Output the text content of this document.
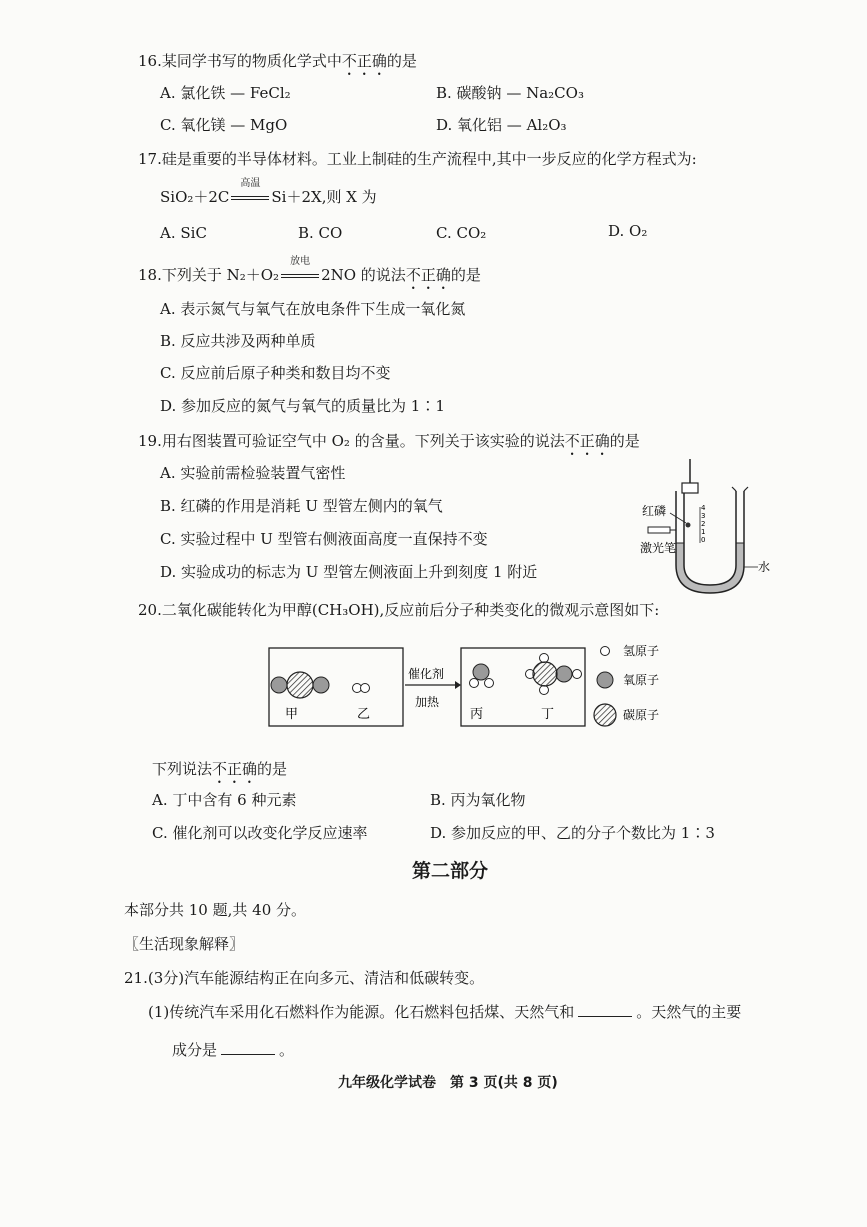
16.某同学书写的物质化学式中不正确的是
A. 氯化铁 — FeCl₂	B. 碳酸钠 — Na₂CO₃
C. 氧化镁 — MgO	D. 氧化铝 — Al₂O₃
17.硅是重要的半导体材料。工业上制硅的生产流程中,其中一步反应的化学方程式为:
SiO₂＋2C
高温
Si＋2X,则 X 为
A. SiC	B. CO	C. CO₂	D. O₂
18.下列关于 N₂＋O₂
放电
2NO 的说法不正确的是
A. 表示氮气与氧气在放电条件下生成一氧化氮
B. 反应共涉及两种单质
C. 反应前后原子种类和数目均不变
D. 参加反应的氮气与氧气的质量比为 1∶1
19.用右图装置可验证空气中 O₂ 的含量。下列关于该实验的说法不正确的是
A. 实验前需检验装置气密性
B. 红磷的作用是消耗 U 型管左侧内的氧气
C. 实验过程中 U 型管右侧液面高度一直保持不变
D. 实验成功的标志为 U 型管左侧液面上升到刻度 1 附近
4
3
2
1
0
红磷
激光笔
水
20.二氧化碳能转化为甲醇(CH₃OH),反应前后分子种类变化的微观示意图如下:
甲	乙
催化剂
加热
丙	丁
氢原子
氧原子
碳原子
下列说法不正确的是
A. 丁中含有 6 种元素	B. 丙为氧化物
C. 催化剂可以改变化学反应速率	D. 参加反应的甲、乙的分子个数比为 1∶3
第二部分
本部分共 10 题,共 40 分。
〖生活现象解释〗
21.(3分)汽车能源结构正在向多元、清洁和低碳转变。
(1)传统汽车采用化石燃料作为能源。化石燃料包括煤、天然气和	。天然气的主要
成分是	。
九年级化学试卷　第 3 页(共 8 页)
